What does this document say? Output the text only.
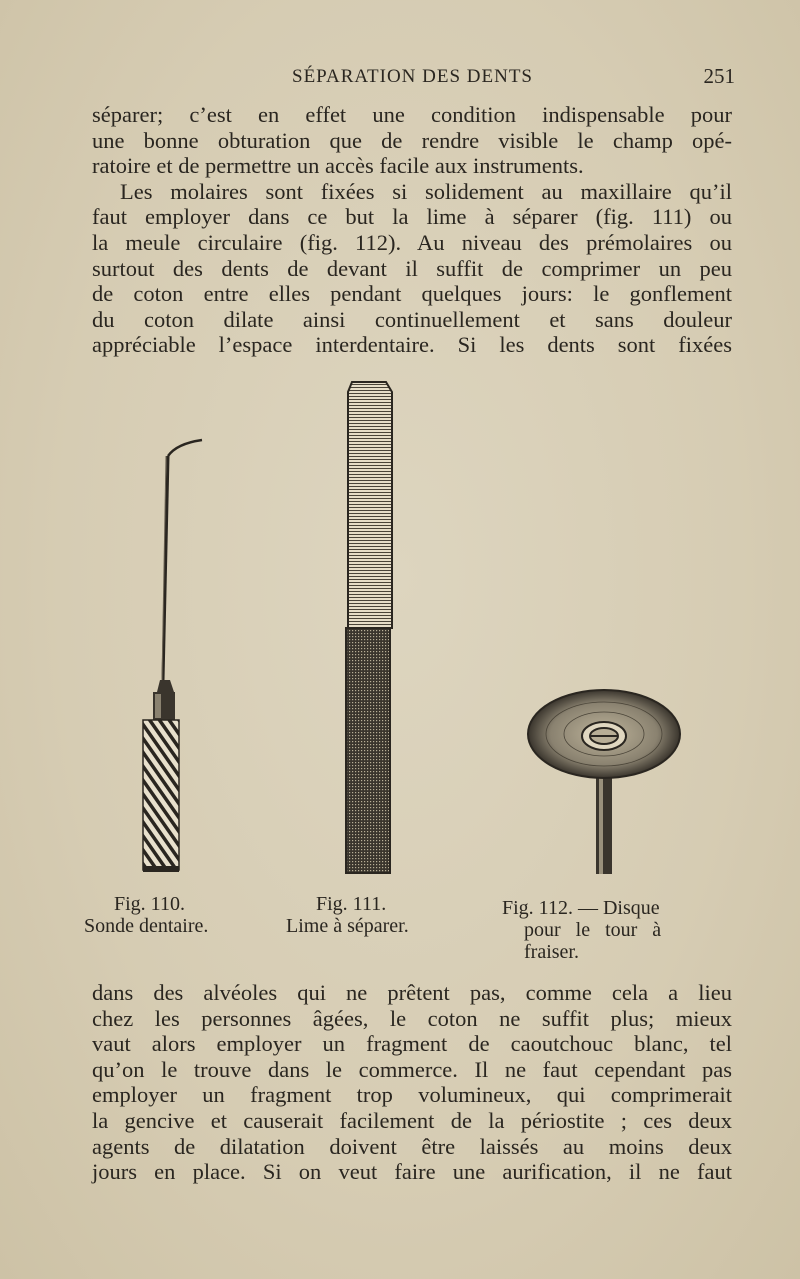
SÉPARATION DES DENTS	251
séparer; c’est en effet une condition indispensable pour
une bonne obturation que de rendre visible le champ opé-
ratoire et de permettre un accès facile aux instruments.
Les molaires sont fixées si solidement au maxillaire qu’il
faut employer dans ce but la lime à séparer (fig. 111) ou
la meule circulaire (fig. 112). Au niveau des prémolaires ou
surtout des dents de devant il suffit de comprimer un peu
de coton entre elles pendant quelques jours: le gonflement
du coton dilate ainsi continuellement et sans douleur
appréciable l’espace interdentaire. Si les dents sont fixées
Fig. 110.
Sonde dentaire.
Fig. 111.
Lime à séparer.
Fig. 112. — Disque
pour le tour à
fraiser.
dans des alvéoles qui ne prêtent pas, comme cela a lieu
chez les personnes âgées, le coton ne suffit plus; mieux
vaut alors employer un fragment de caoutchouc blanc, tel
qu’on le trouve dans le commerce. Il ne faut cependant pas
employer un fragment trop volumineux, qui comprimerait
la gencive et causerait facilement de la périostite ; ces deux
agents de dilatation doivent être laissés au moins deux
jours en place. Si on veut faire une aurification, il ne faut
